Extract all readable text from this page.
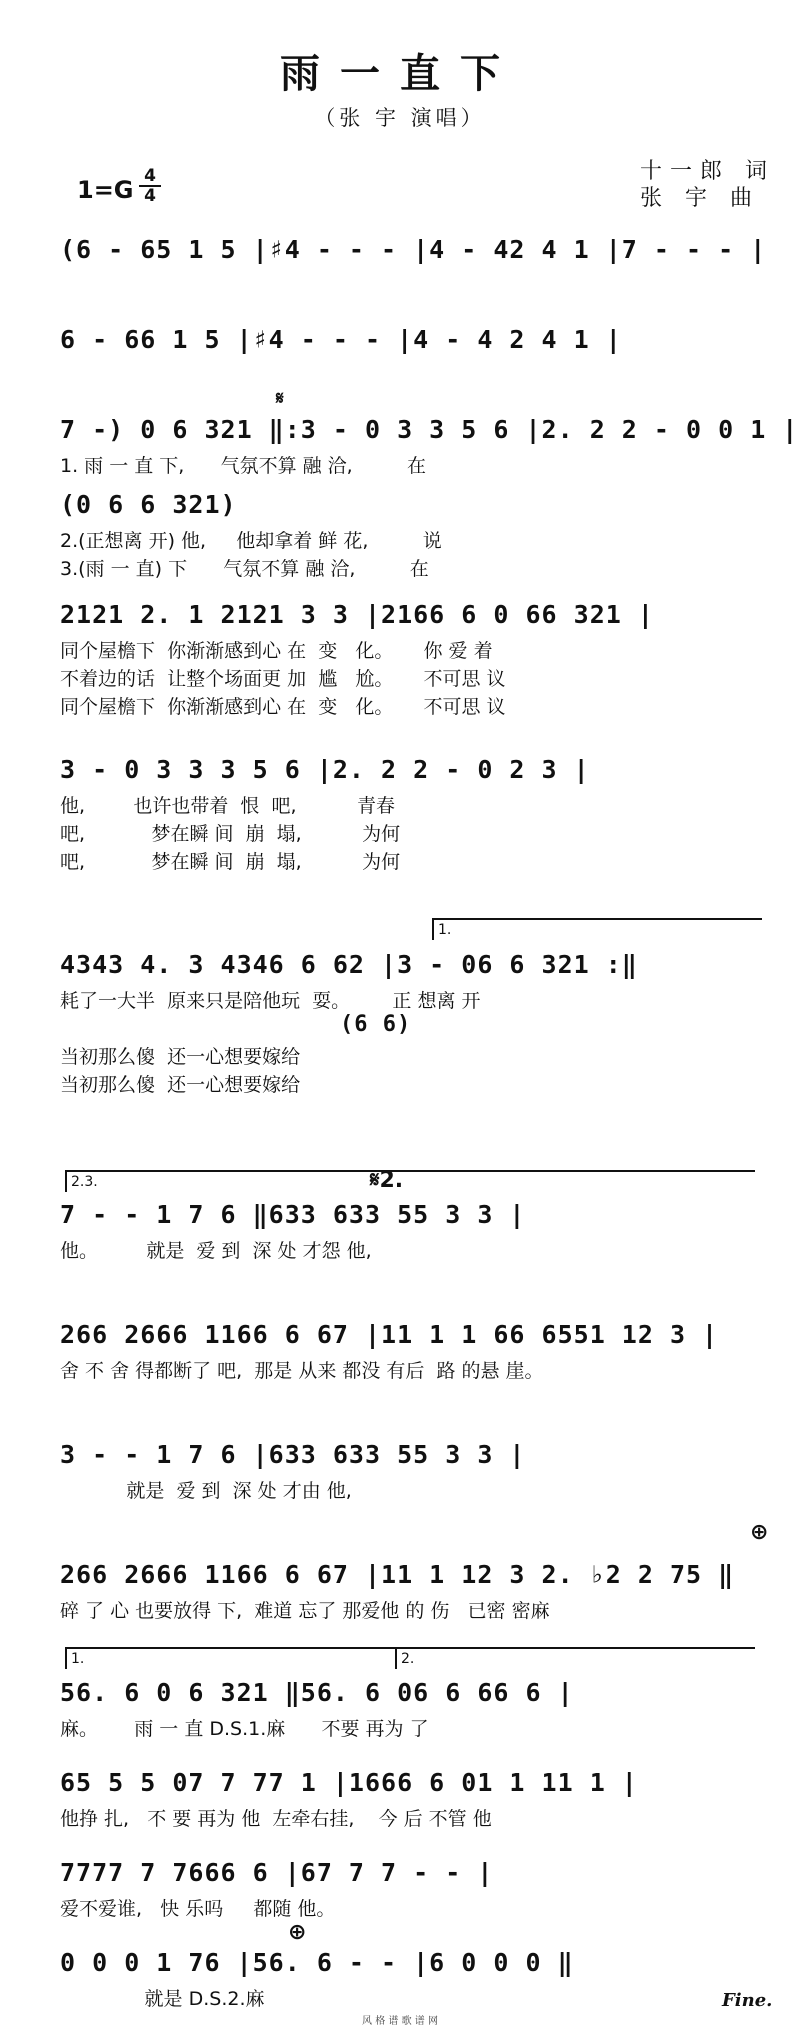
雨一直下
（张 宇 演唱）
十一郎 词
张 宇 曲
1=G 4
4
(6 - 65 1 5 |♯4 - - - |4 - 42 4 1 |7 - - - |
6 - 66 1 5 |♯4 - - - |4 - 4 2 4 1 |
7 -) 0 6 321 ‖:3 - 0 3 3 5 6 |2. 2 2 - 0 0 1 |
1. 雨 一 直 下,      气氛不算 融 洽,         在
(0 6 6 321)
2.(正想离 开) 他,     他却拿着 鲜 花,         说
3.(雨 一 直) 下      气氛不算 融 洽,         在
2121 2. 1 2121 3 3 |2166 6 0 66 321 |
同个屋檐下  你渐渐感到心 在  变   化。     你 爱 着
不着边的话  让整个场面更 加  尴   尬。     不可思 议
同个屋檐下  你渐渐感到心 在  变   化。     不可思 议
3 - 0 3 3 3 5 6 |2. 2 2 - 0 2 3 |
他,        也许也带着  恨  吧,          青春
吧,           梦在瞬 间  崩  塌,          为何
吧,           梦在瞬 间  崩  塌,          为何
4343 4. 3 4346 6 62 |3 - 06 6 321 :‖
耗了一大半  原来只是陪他玩  耍。       正 想离 开
(6 6)
当初那么傻  还一心想要嫁给
当初那么傻  还一心想要嫁给
1.
2.3.	𝄋2.
7 - - 1 7 6 ‖633 633 55 3 3 |
他。        就是  爱 到  深 处 才怨 他,
266 2666 1166 6 67 |11 1 1 66 6551 12 3 |
舍 不 舍 得都断了 吧,  那是 从来 都没 有后  路 的悬 崖。
3 - - 1 7 6 |633 633 55 3 3 |
就是  爱 到  深 处 才由 他,
⊕
266 2666 1166 6 67 |11 1 12 3 2. ♭2 2 75 ‖
碎 了 心 也要放得 下,  难道 忘了 那爱他 的 伤   已密 密麻
1.	2.
56. 6 0 6 321 ‖56. 6 06 6 66 6 |
麻。      雨 一 直 D.S.1.麻      不要 再为 了
65 5 5 07 7 77 1 |1666 6 01 1 11 1 |
他挣 扎,   不 要 再为 他  左牵右挂,    今 后 不管 他
7777 7 7666 6 |67 7 7 - - |
爱不爱谁,   快 乐吗     都随 他。
⊕
0 0 0 1 76 |56. 6 - - |6 0 0 0 ‖
就是 D.S.2.麻	Fine.
𝄋
风 格 谱 歌 谱 网
